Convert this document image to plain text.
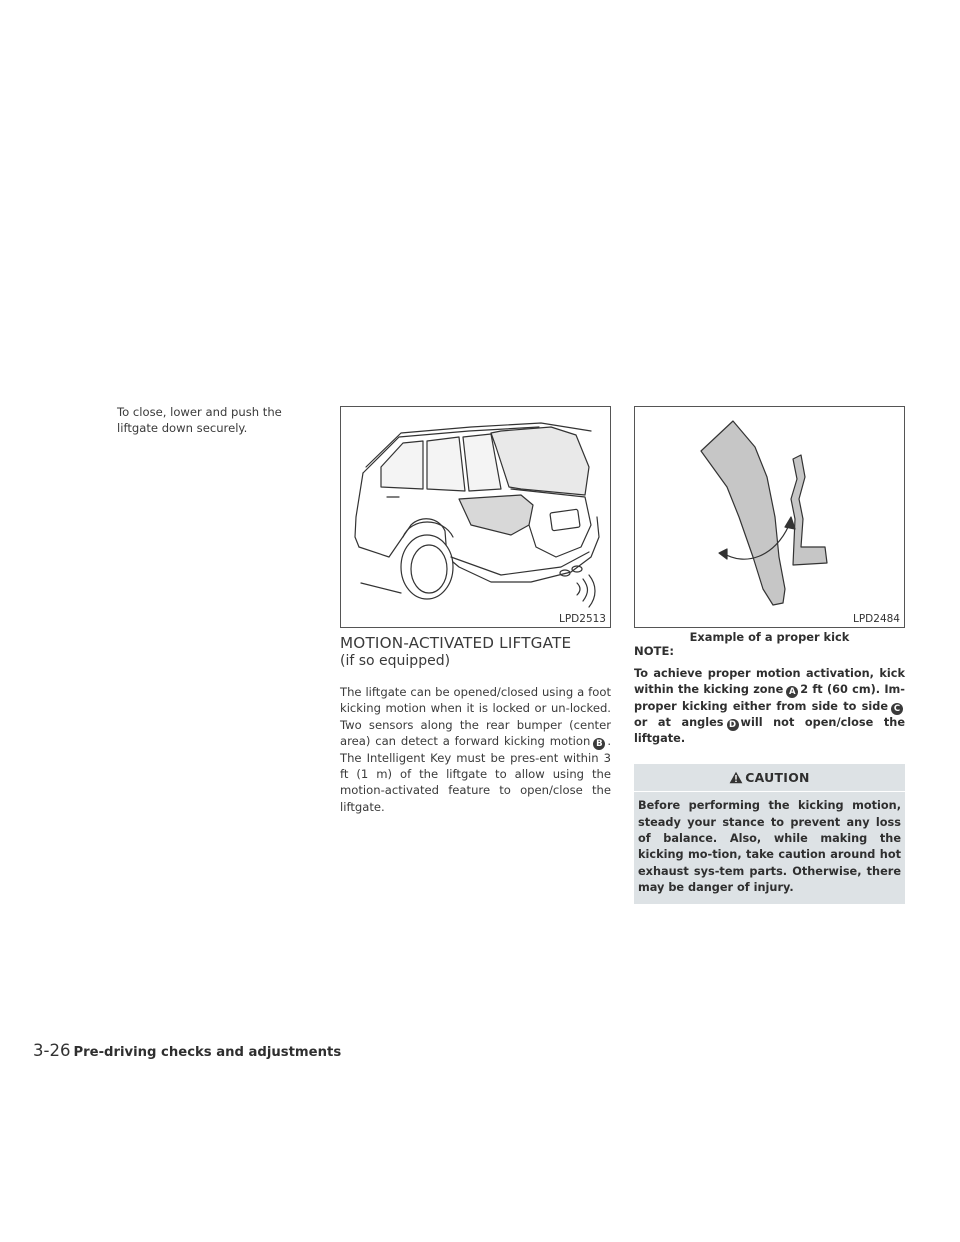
To close, lower and push the liftgate down securely.

LPD2513
MOTION-ACTIVATED LIFTGATE
(if so equipped)

The liftgate can be opened/closed using a foot kicking motion when it is locked or un-locked. Two sensors along the rear bumper (center area) can detect a forward kicking motion B . The Intelligent Key must be pres-ent within 3 ft (1 m) of the liftgate to allow using the motion-activated feature to open/close the liftgate.

LPD2484
Example of a proper kick
NOTE:

To achieve proper motion activation, kick within the kicking zone A 2 ft (60 cm). Im-proper kicking either from side to side Cor at angles D will not open/close the liftgate.

CAUTION

Before performing the kicking motion, steady your stance to prevent any loss of balance. Also, while making the kicking mo-tion, take caution around hot exhaust sys-tem parts. Otherwise, there may be danger of injury.

3-26 Pre-driving checks and adjustments
